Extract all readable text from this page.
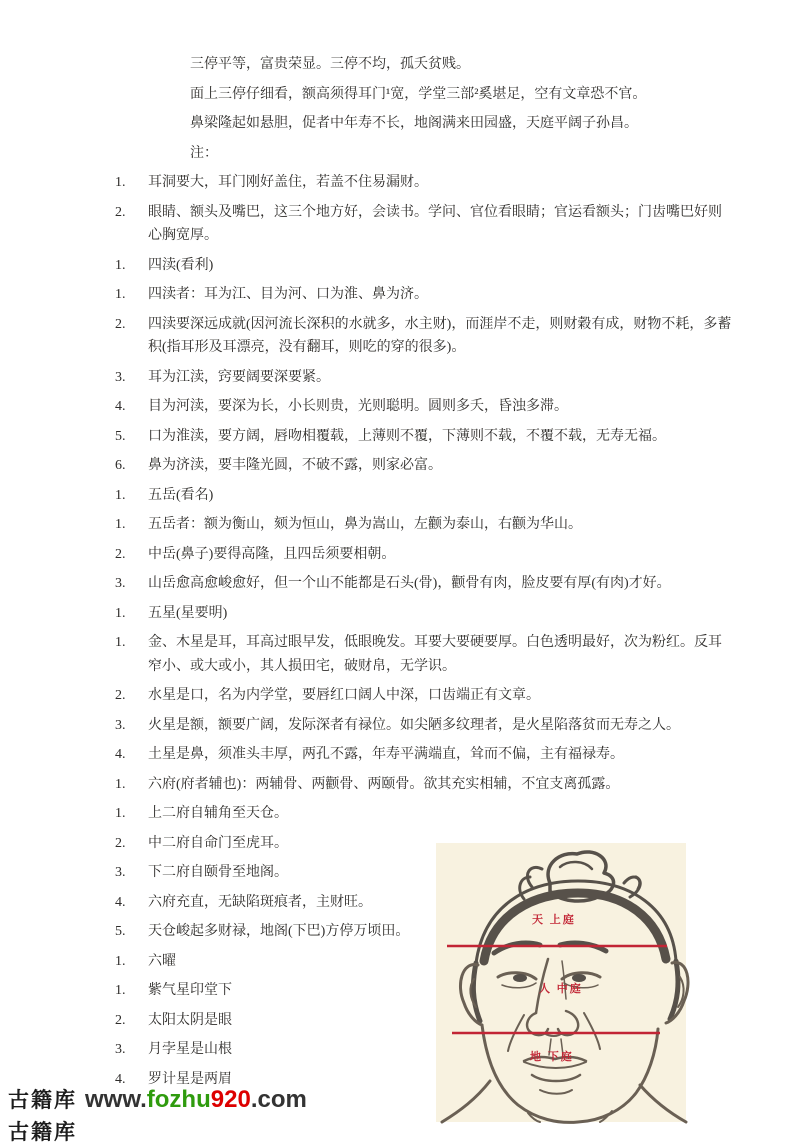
三停平等，富贵荣显。三停不均，孤夭贫贱。

面上三停仔细看，额高须得耳门¹宽，学堂三部²奚堪足，空有文章恐不官。

鼻梁隆起如悬胆，促者中年寿不长，地阁满来田园盛，天庭平阔子孙昌。

注：

1.	耳洞要大，耳门刚好盖住，若盖不住易漏财。
2.	眼睛、额头及嘴巴，这三个地方好，会读书。学问、官位看眼睛；官运看额头；门齿嘴巴好则心胸宽厚。
1.	四渎(看利)
1.	四渎者：耳为江、目为河、口为淮、鼻为济。
2.	四渎要深远成就(因河流长深积的水就多，水主财)，而涯岸不走，则财穀有成，财物不耗，多蓄积(指耳形及耳漂亮，没有翻耳，则吃的穿的很多)。
3.	耳为江渎，窍要阔要深要紧。
4.	目为河渎，要深为长，小长则贵，光则聪明。圆则多夭，昏浊多滞。
5.	口为淮渎，要方阔，唇吻相覆载，上薄则不覆，下薄则不载，不覆不载，无寿无福。
6.	鼻为济渎，要丰隆光圆，不破不露，则家必富。
1.	五岳(看名)
1.	五岳者：额为衡山，颏为恒山，鼻为嵩山，左颧为泰山，右颧为华山。
2.	中岳(鼻子)要得高隆，且四岳须要相朝。
3.	山岳愈高愈峻愈好，但一个山不能都是石头(骨)，颧骨有肉，脸皮要有厚(有肉)才好。
1.	五星(星要明)
1.	金、木星是耳，耳高过眼早发，低眼晚发。耳要大要硬要厚。白色透明最好，次为粉红。反耳窄小、或大或小，其人损田宅，破财帛，无学识。
2.	水星是口，名为内学堂，要唇红口阔人中深，口齿端正有文章。
3.	火星是额，额要广阔，发际深者有禄位。如尖陋多纹理者，是火星陷落贫而无寿之人。
4.	土星是鼻，须准头丰厚，两孔不露，年寿平满端直，耸而不偏，主有福禄寿。
1.	六府(府者辅也)：两辅骨、两颧骨、两颐骨。欲其充实相辅，不宜支离孤露。
1.	上二府自辅角至天仓。
2.	中二府自命门至虎耳。
3.	下二府自颐骨至地阁。
4.	六府充直，无缺陷斑痕者，主财旺。
5.	天仓峻起多财禄，地阁(下巴)方停万顷田。
1.	六曜
1.	紫气星印堂下
2.	太阳太阴是眼
3.	月孛星是山根
4.	罗计星是两眉
天 上庭
人 中庭
地 下庭
古籍库 www.fozhu920.com
古籍库
